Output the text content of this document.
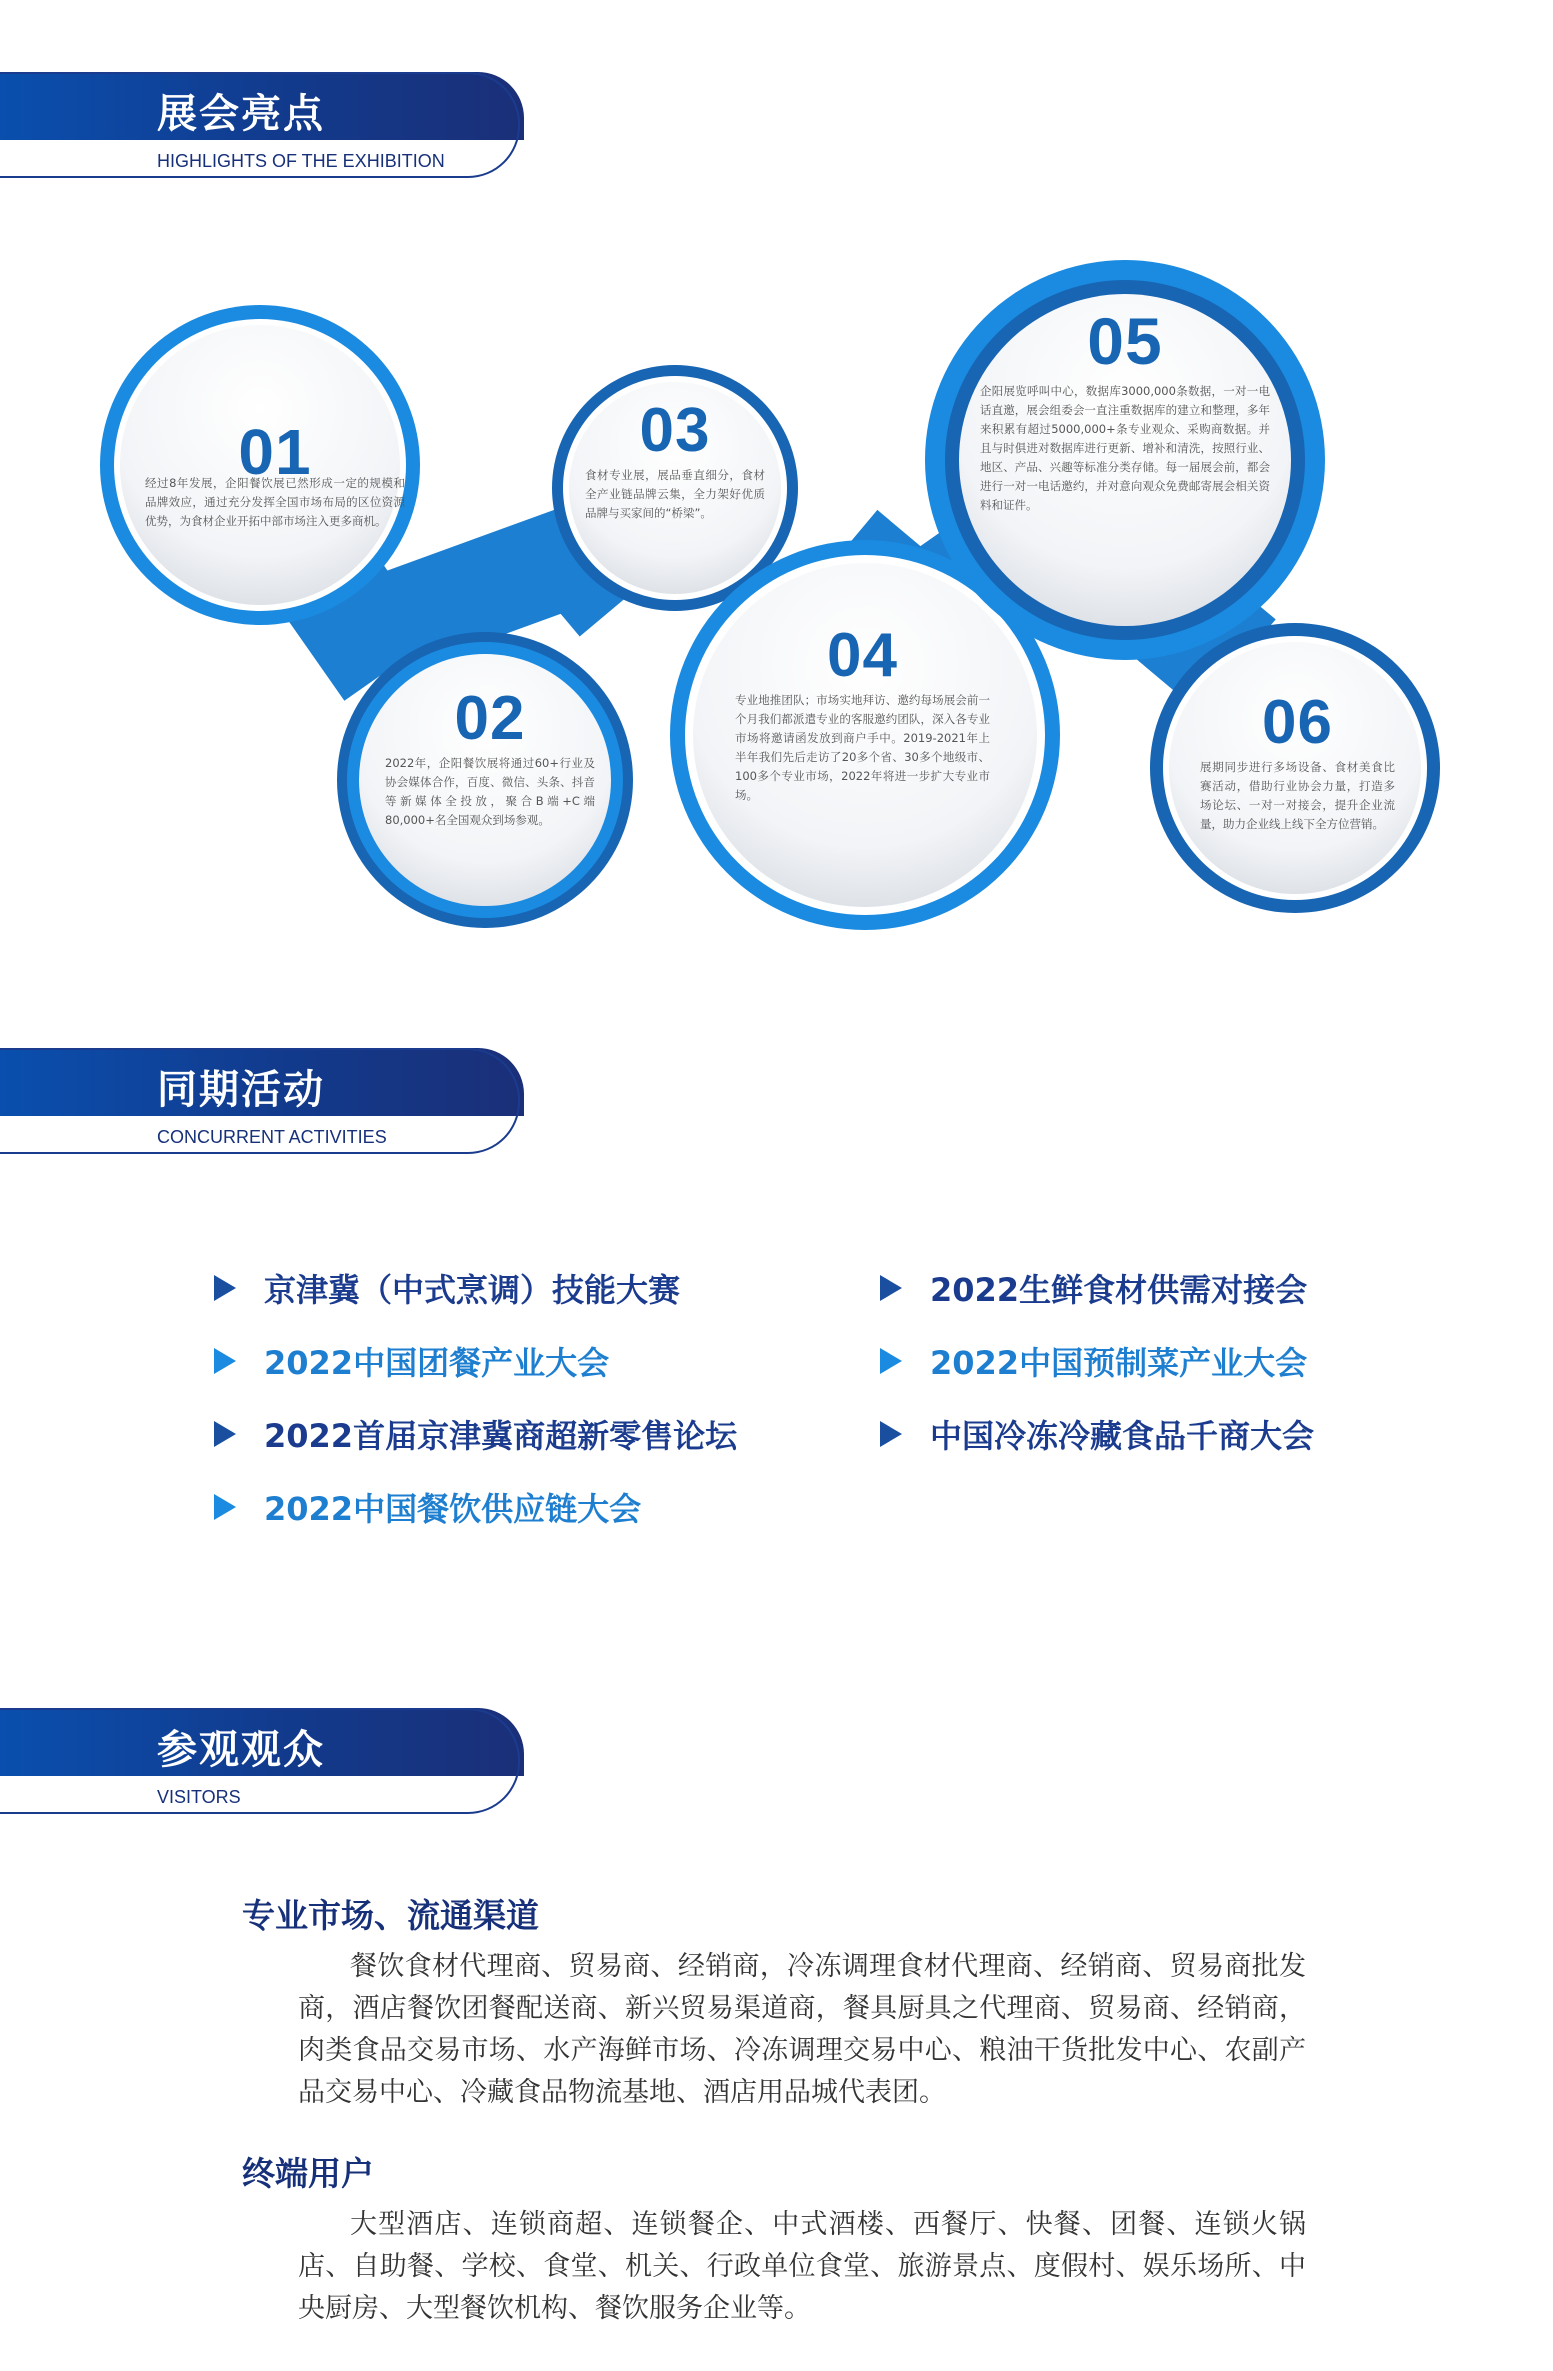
展会亮点
HIGHLIGHTS OF THE EXHIBITION
01
经过8年发展，企阳餐饮展已然形成一定的规模和品牌效应，通过充分发挥全国市场布局的区位资源优势，为食材企业开拓中部市场注入更多商机。
02
2022年，企阳餐饮展将通过60+行业及协会媒体合作，百度、微信、头条、抖音等新媒体全投放，聚合B端+C端80,000+名全国观众到场参观。
03
食材专业展，展品垂直细分，食材全产业链品牌云集，全力架好优质品牌与买家间的“桥梁”。
04
专业地推团队；市场实地拜访、邀约每场展会前一个月我们都派遣专业的客服邀约团队，深入各专业市场将邀请函发放到商户手中。2019-2021年上半年我们先后走访了20多个省、30多个地级市、100多个专业市场，2022年将进一步扩大专业市场。
05
企阳展览呼叫中心，数据库3000,000条数据，一对一电话直邀，展会组委会一直注重数据库的建立和整理，多年来积累有超过5000,000+条专业观众、采购商数据。并且与时俱进对数据库进行更新、增补和清洗，按照行业、地区、产品、兴趣等标准分类存储。每一届展会前，都会进行一对一电话邀约，并对意向观众免费邮寄展会相关资料和证件。
06
展期同步进行多场设备、食材美食比赛活动，借助行业协会力量，打造多场论坛、一对一对接会，提升企业流量，助力企业线上线下全方位营销。
同期活动
CONCURRENT ACTIVITIES
京津冀（中式烹调）技能大赛
2022中国团餐产业大会
2022首届京津冀商超新零售论坛
2022中国餐饮供应链大会
2022生鲜食材供需对接会
2022中国预制菜产业大会
中国冷冻冷藏食品千商大会
参观观众
VISITORS
专业市场、流通渠道
餐饮食材代理商、贸易商、经销商，冷冻调理食材代理商、经销商、贸易商批发商，酒店餐饮团餐配送商、新兴贸易渠道商，餐具厨具之代理商、贸易商、经销商，肉类食品交易市场、水产海鲜市场、冷冻调理交易中心、粮油干货批发中心、农副产品交易中心、冷藏食品物流基地、酒店用品城代表团。
终端用户
大型酒店、连锁商超、连锁餐企、中式酒楼、西餐厅、快餐、团餐、连锁火锅店、自助餐、学校、食堂、机关、行政单位食堂、旅游景点、度假村、娱乐场所、中央厨房、大型餐饮机构、餐饮服务企业等。
